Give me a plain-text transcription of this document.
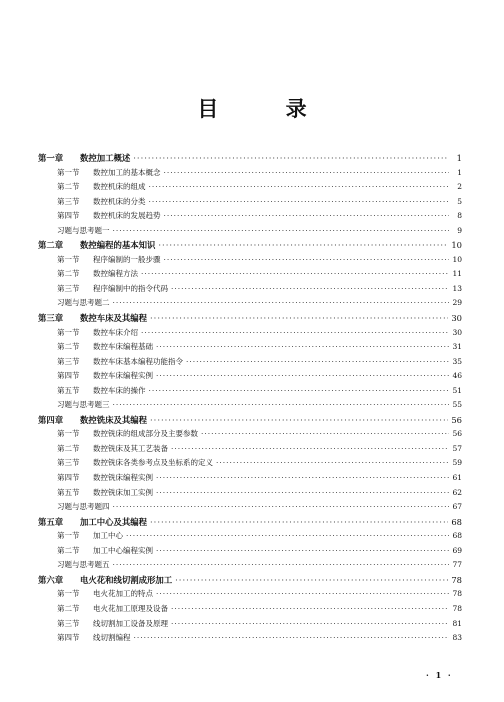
目 录
第一章	数控加工概述 ·····	1
第一节	数控加工的基本概念 ·····	1
第二节	数控机床的组成 ·····	2
第三节	数控机床的分类 ·····	5
第四节	数控机床的发展趋势 ·····	8
习题与思考题一 ·····	9
第二章	数控编程的基本知识 ·····	10
第一节	程序编制的一般步骤 ·····	10
第二节	数控编程方法 ·····	11
第三节	程序编制中的指令代码 ·····	13
习题与思考题二 ·····	29
第三章	数控车床及其编程 ·····	30
第一节	数控车床介绍 ·····	30
第二节	数控车床编程基础 ·····	31
第三节	数控车床基本编程功能指令 ·····	35
第四节	数控车床编程实例 ·····	46
第五节	数控车床的操作 ·····	51
习题与思考题三 ·····	55
第四章	数控铣床及其编程 ·····	56
第一节	数控铣床的组成部分及主要参数 ·····	56
第二节	数控铣床及其工艺装备 ·····	57
第三节	数控铣床各类参考点及坐标系的定义 ·····	59
第四节	数控铣床编程实例 ·····	61
第五节	数控铣床加工实例 ·····	62
习题与思考题四 ·····	67
第五章	加工中心及其编程 ·····	68
第一节	加工中心 ·····	68
第二节	加工中心编程实例 ·····	69
习题与思考题五 ·····	77
第六章	电火花和线切割成形加工 ·····	78
第一节	电火花加工的特点 ·····	78
第二节	电火花加工原理及设备 ·····	78
第三节	线切割加工设备及原理 ·····	81
第四节	线切割编程 ·····	83
· 1 ·
